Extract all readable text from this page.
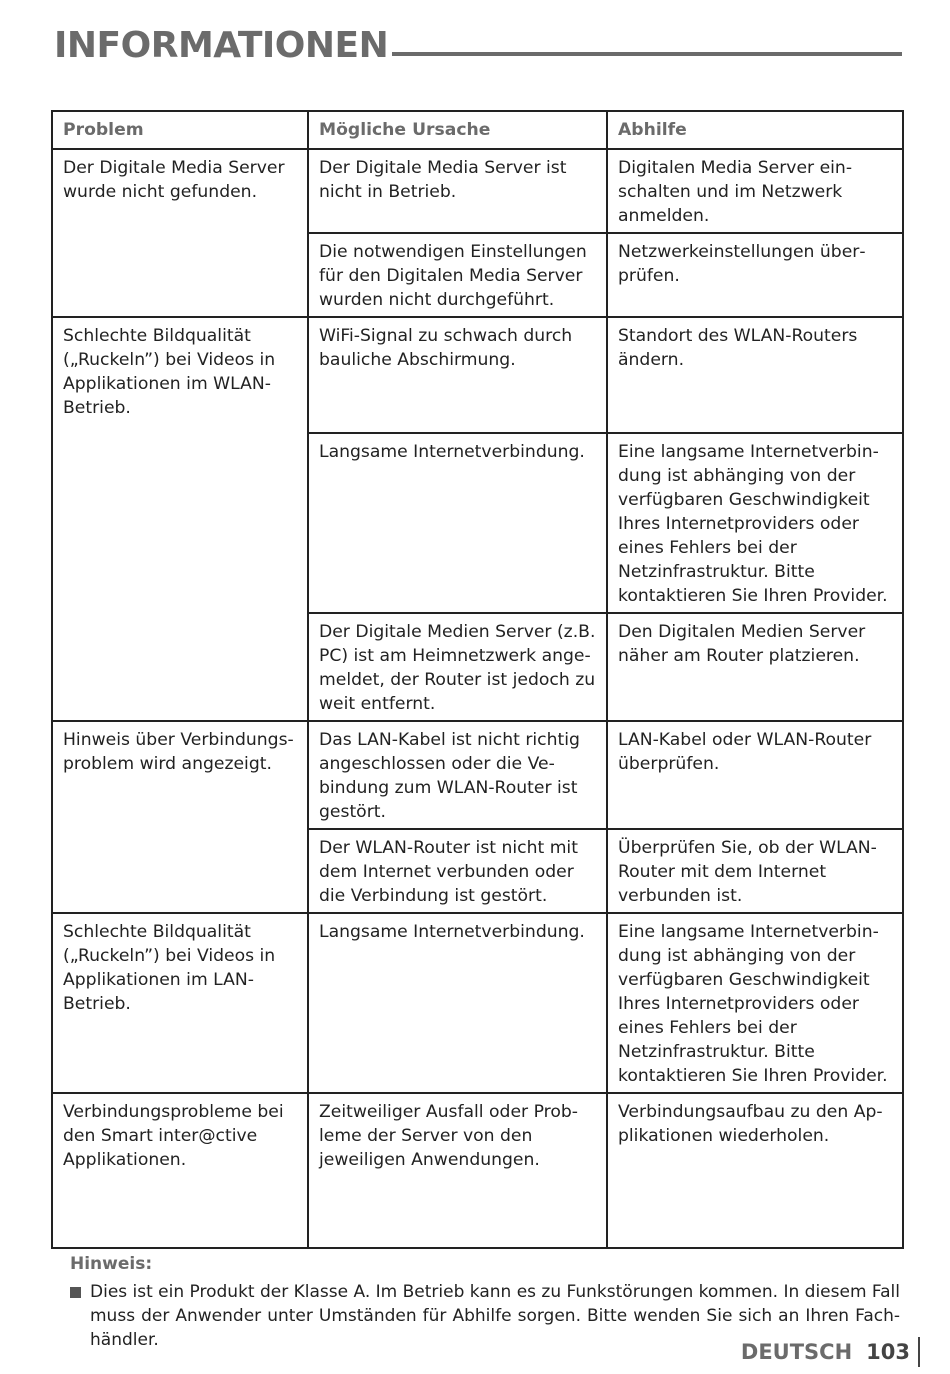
INFORMATIONEN
Problem	Mögliche Ursache	Abhilfe
Der Digitale Media Server wurde nicht gefunden.	Der Digitale Media Server ist nicht in Betrieb.	Digitalen Media Server einschalten und im Netzwerk anmelden.
	Die notwendigen Einstellungen für den Digitalen Media Server wurden nicht durchgeführt.	Netzwerkeinstellungen überprüfen.
Schlechte Bildqualität („Ruckeln”) bei Videos in Applikationen im WLAN-Betrieb.	WiFi-Signal zu schwach durch bauliche Abschirmung.	Standort des WLAN-Routers ändern.
	Langsame Internetverbindung.	Eine langsame Internetverbindung ist abhänging von der verfügbaren Geschwindigkeit Ihres Internetproviders oder eines Fehlers bei der Netzinfrastruktur. Bitte kontaktieren Sie Ihren Provider.
	Der Digitale Medien Server (z.B. PC) ist am Heimnetzwerk angemeldet, der Router ist jedoch zu weit entfernt.	Den Digitalen Medien Server näher am Router platzieren.
Hinweis über Verbindungsproblem wird angezeigt.	Das LAN-Kabel ist nicht richtig angeschlossen oder die Vebindung zum WLAN-Router ist gestört.	LAN-Kabel oder WLAN-Router überprüfen.
	Der WLAN-Router ist nicht mit dem Internet verbunden oder die Verbindung ist gestört.	Überprüfen Sie, ob der WLAN-Router mit dem Internet verbunden ist.
Schlechte Bildqualität („Ruckeln”) bei Videos in Applikationen im LAN-Betrieb.	Langsame Internetverbindung.	Eine langsame Internetverbindung ist abhänging von der verfügbaren Geschwindigkeit Ihres Internetproviders oder eines Fehlers bei der Netzinfrastruktur. Bitte kontaktieren Sie Ihren Provider.
Verbindungsprobleme bei den Smart inter@ctive Applikationen.	Zeitweiliger Ausfall oder Probleme der Server von den jeweiligen Anwendungen.	Verbindungsaufbau zu den Applikationen wiederholen.
Hinweis:
Dies ist ein Produkt der Klasse A. Im Betrieb kann es zu Funkstörungen kommen. In diesem Fall muss der Anwender unter Umständen für Abhilfe sorgen. Bitte wenden Sie sich an Ihren Fachhändler.	DEUTSCH 103
